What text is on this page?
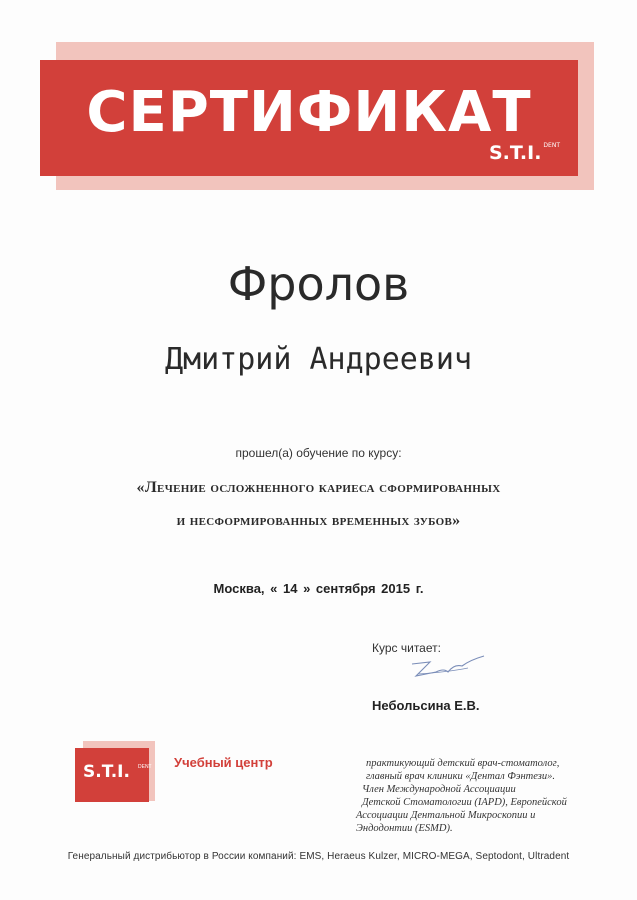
СЕРТИФИКАТ
S.T.I. $^{DENT}$
Фролов
Дмитрий Андреевич
прошел(а) обучение по курсу:
«Лечение осложненного кариеса сформированных
и несформированных временных зубов»
Москва, « 14 » сентября 2015 г.
Курс читает:
Небольсина Е.В.
S.T.I. DENT Учебный центр	практикующий детский врач-стоматолог,
главный врач клиники «Дентал Фэнтези».
Член Международной Ассоциации
Детской Стоматологии (IAPD), Европейской
Ассоциации Дентальной Микроскопии и
Эндодонтии (ESMD).
Генеральный дистрибьютор в России компаний: EMS, Heraeus Kulzer, MICRO-MEGA, Septodont, Ultradent
